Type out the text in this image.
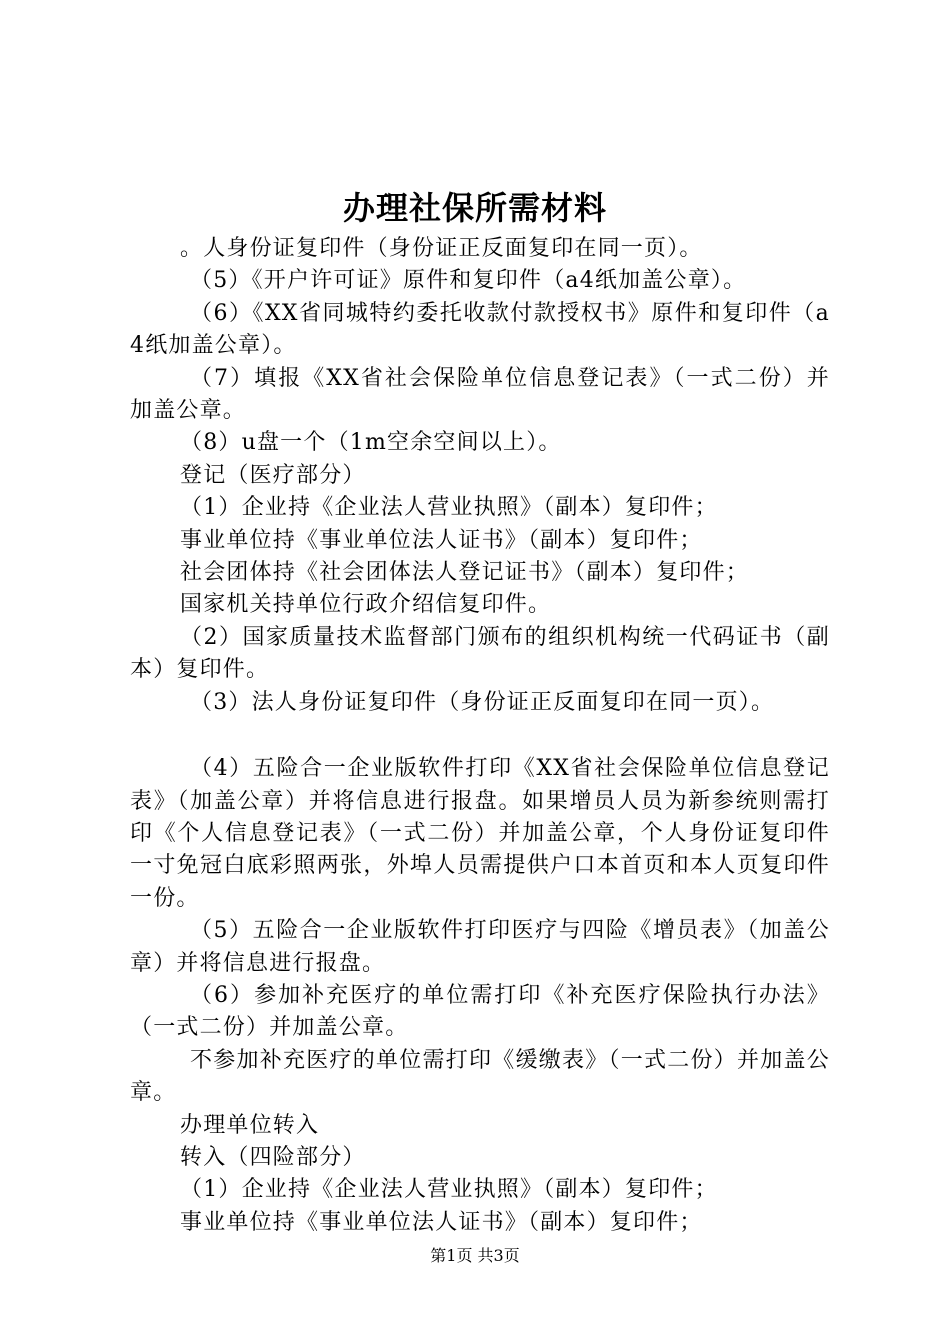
办理社保所需材料

。人身份证复印件（身份证正反面复印在同一页）。

（5）《开户许可证》原件和复印件（a4纸加盖公章）。

（6）《XX省同城特约委托收款付款授权书》原件和复印件（a4纸加盖公章）。

（7）填报《XX省社会保险单位信息登记表》（一式二份）并加盖公章。

（8）u盘一个（1m空余空间以上）。

登记（医疗部分）

（1）企业持《企业法人营业执照》（副本）复印件；

事业单位持《事业单位法人证书》（副本）复印件；

社会团体持《社会团体法人登记证书》（副本）复印件；

国家机关持单位行政介绍信复印件。

（2）国家质量技术监督部门颁布的组织机构统一代码证书（副本）复印件。

（3）法人身份证复印件（身份证正反面复印在同一页）。

（4）五险合一企业版软件打印《XX省社会保险单位信息登记表》（加盖公章）并将信息进行报盘。如果增员人员为新参统则需打印《个人信息登记表》（一式二份）并加盖公章，个人身份证复印件一寸免冠白底彩照两张，外埠人员需提供户口本首页和本人页复印件一份。

（5）五险合一企业版软件打印医疗与四险《增员表》（加盖公章）并将信息进行报盘。

（6）参加补充医疗的单位需打印《补充医疗保险执行办法》（一式二份）并加盖公章。

不参加补充医疗的单位需打印《缓缴表》（一式二份）并加盖公章。

办理单位转入

转入（四险部分）

（1）企业持《企业法人营业执照》（副本）复印件；

事业单位持《事业单位法人证书》（副本）复印件；

第1页 共3页
